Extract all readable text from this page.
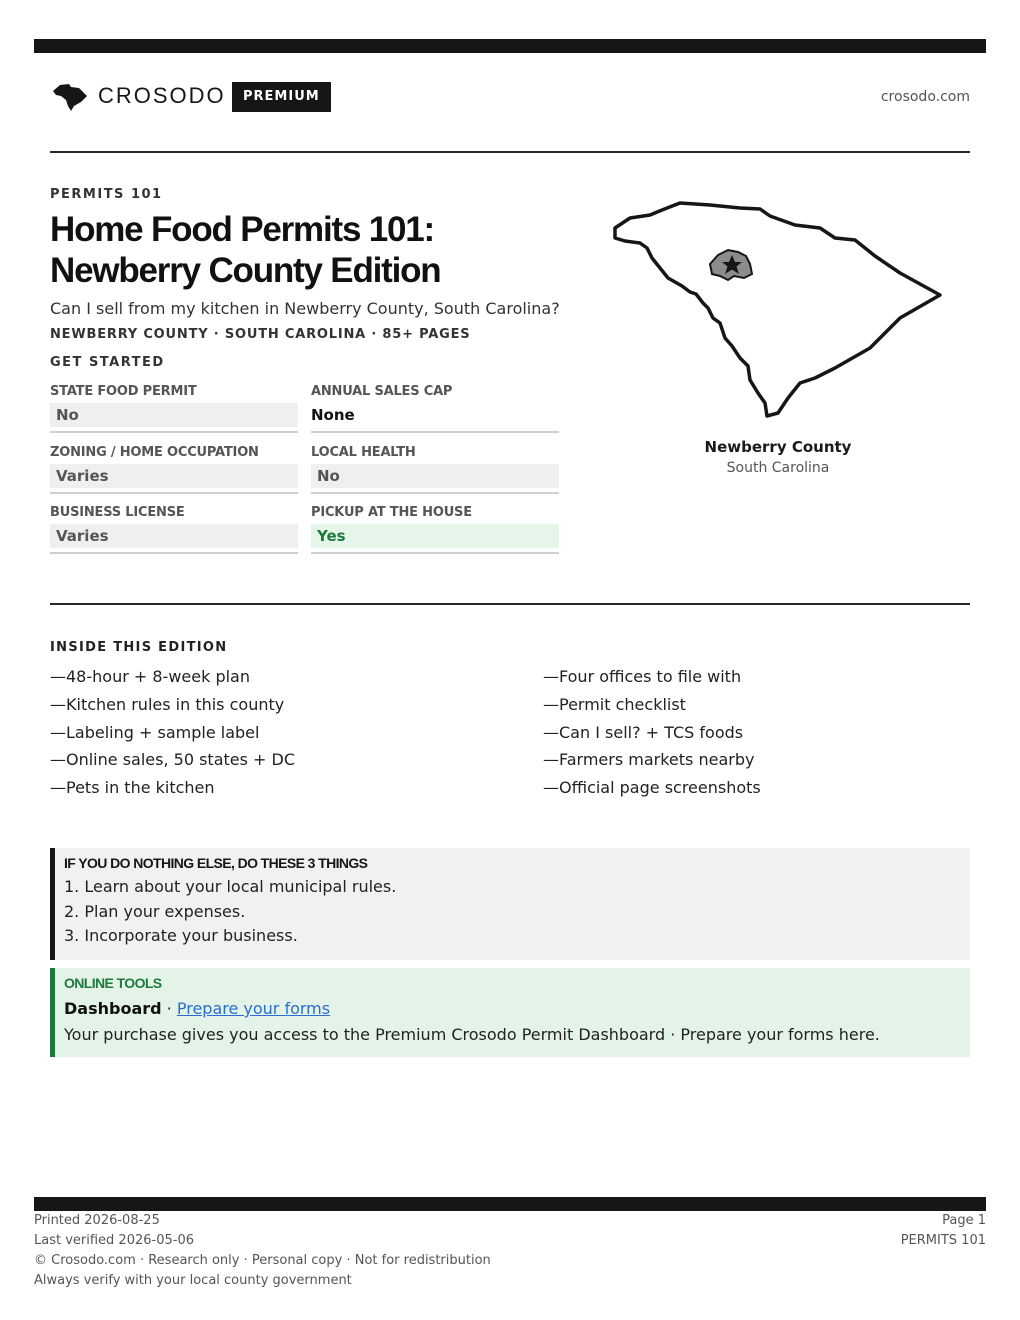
CROSODO	PREMIUM	crosodo.com
PERMITS 101
Home Food Permits 101:
Newberry County Edition
Can I sell from my kitchen in Newberry County, South Carolina?
NEWBERRY COUNTY · SOUTH CAROLINA · 85+ PAGES
GET STARTED
STATE FOOD PERMIT
No
ANNUAL SALES CAP
None
ZONING / HOME OCCUPATION
Varies
LOCAL HEALTH
No
BUSINESS LICENSE
Varies
PICKUP AT THE HOUSE
Yes
Newberry County
South Carolina
INSIDE THIS EDITION
—48-hour + 8-week plan
—Kitchen rules in this county
—Labeling + sample label
—Online sales, 50 states + DC
—Pets in the kitchen
—Four offices to file with
—Permit checklist
—Can I sell? + TCS foods
—Farmers markets nearby
—Official page screenshots
IF YOU DO NOTHING ELSE, DO THESE 3 THINGS
1. Learn about your local municipal rules.
2. Plan your expenses.
3. Incorporate your business.
ONLINE TOOLS
Dashboard · Prepare your forms
Your purchase gives you access to the Premium Crosodo Permit Dashboard · Prepare your forms here.
Printed 2026-08-25
Last verified 2026-05-06
© Crosodo.com · Research only · Personal copy · Not for redistribution
Always verify with your local county government
Page 1
PERMITS 101
